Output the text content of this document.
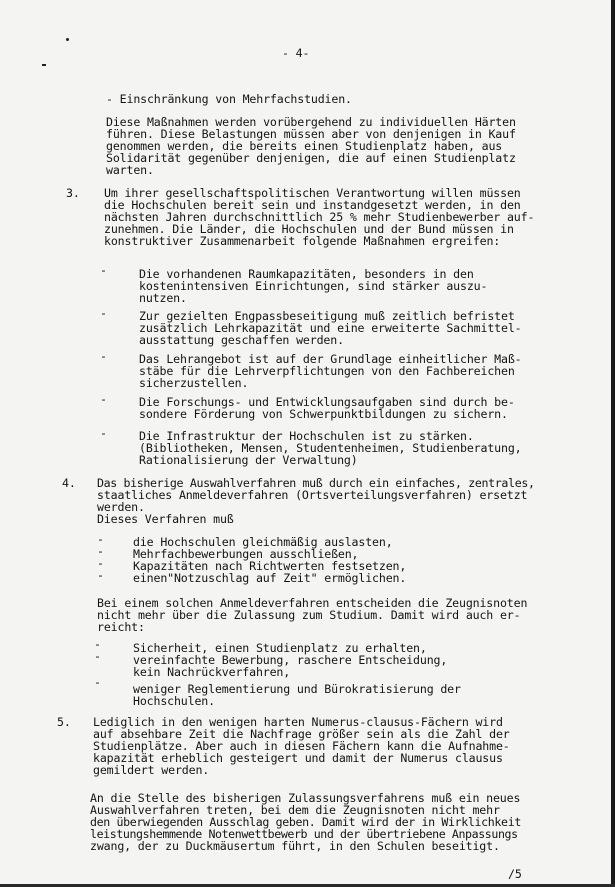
- 4-
- Einschränkung von Mehrfachstudien.
Diese Maßnahmen werden vorübergehend zu individuellen Härten
führen. Diese Belastungen müssen aber von denjenigen in Kauf
genommen werden, die bereits einen Studienplatz haben, aus
Solidarität gegenüber denjenigen, die auf einen Studienplatz
warten.
3. Um ihrer gesellschaftspolitischen Verantwortung willen müssen
die Hochschulen bereit sein und instandgesetzt werden, in den
nächsten Jahren durchschnittlich 25 % mehr Studienbewerber auf-
zunehmen. Die Länder, die Hochschulen und der Bund müssen in
konstruktiver Zusammenarbeit folgende Maßnahmen ergreifen:
-	Die vorhandenen Raumkapazitäten, besonders in den
kostenintensiven Einrichtungen, sind stärker auszu-
nutzen.
-	Zur gezielten Engpassbeseitigung muß zeitlich befristet
zusätzlich Lehrkapazität und eine erweiterte Sachmittel-
ausstattung geschaffen werden.
-	Das Lehrangebot ist auf der Grundlage einheitlicher Maß-
stäbe für die Lehrverpflichtungen von den Fachbereichen
sicherzustellen.
-	Die Forschungs- und Entwicklungsaufgaben sind durch be-
sondere Förderung von Schwerpunktbildungen zu sichern.
-	Die Infrastruktur der Hochschulen ist zu stärken.
(Bibliotheken, Mensen, Studentenheimen, Studienberatung,
Rationalisierung der Verwaltung)
4. Das bisherige Auswahlverfahren muß durch ein einfaches, zentrales,
staatliches Anmeldeverfahren (Ortsverteilungsverfahren) ersetzt
werden.
Dieses Verfahren muß
-	die Hochschulen gleichmäßig auslasten,
-	Mehrfachbewerbungen ausschließen,
-	Kapazitäten nach Richtwerten festsetzen,
-	einen"Notzuschlag auf Zeit" ermöglichen.
Bei einem solchen Anmeldeverfahren entscheiden die Zeugnisnoten
nicht mehr über die Zulassung zum Studium. Damit wird auch er-
reicht:
-	Sicherheit, einen Studienplatz zu erhalten,
-	vereinfachte Bewerbung, raschere Entscheidung,
kein Nachrückverfahren,
-	weniger Reglementierung und Bürokratisierung der
Hochschulen.
5. Lediglich in den wenigen harten Numerus-clausus-Fächern wird
auf absehbare Zeit die Nachfrage größer sein als die Zahl der
Studienplätze. Aber auch in diesen Fächern kann die Aufnahme-
kapazität erheblich gesteigert und damit der Numerus clausus
gemildert werden.
An die Stelle des bisherigen Zulassungsverfahrens muß ein neues
Auswahlverfahren treten, bei dem die Zeugnisnoten nicht mehr
den überwiegenden Ausschlag geben. Damit wird der in Wirklichkeit
leistungshemmende Notenwettbewerb und der übertriebene Anpassungs
zwang, der zu Duckmäusertum führt, in den Schulen beseitigt.
/5
